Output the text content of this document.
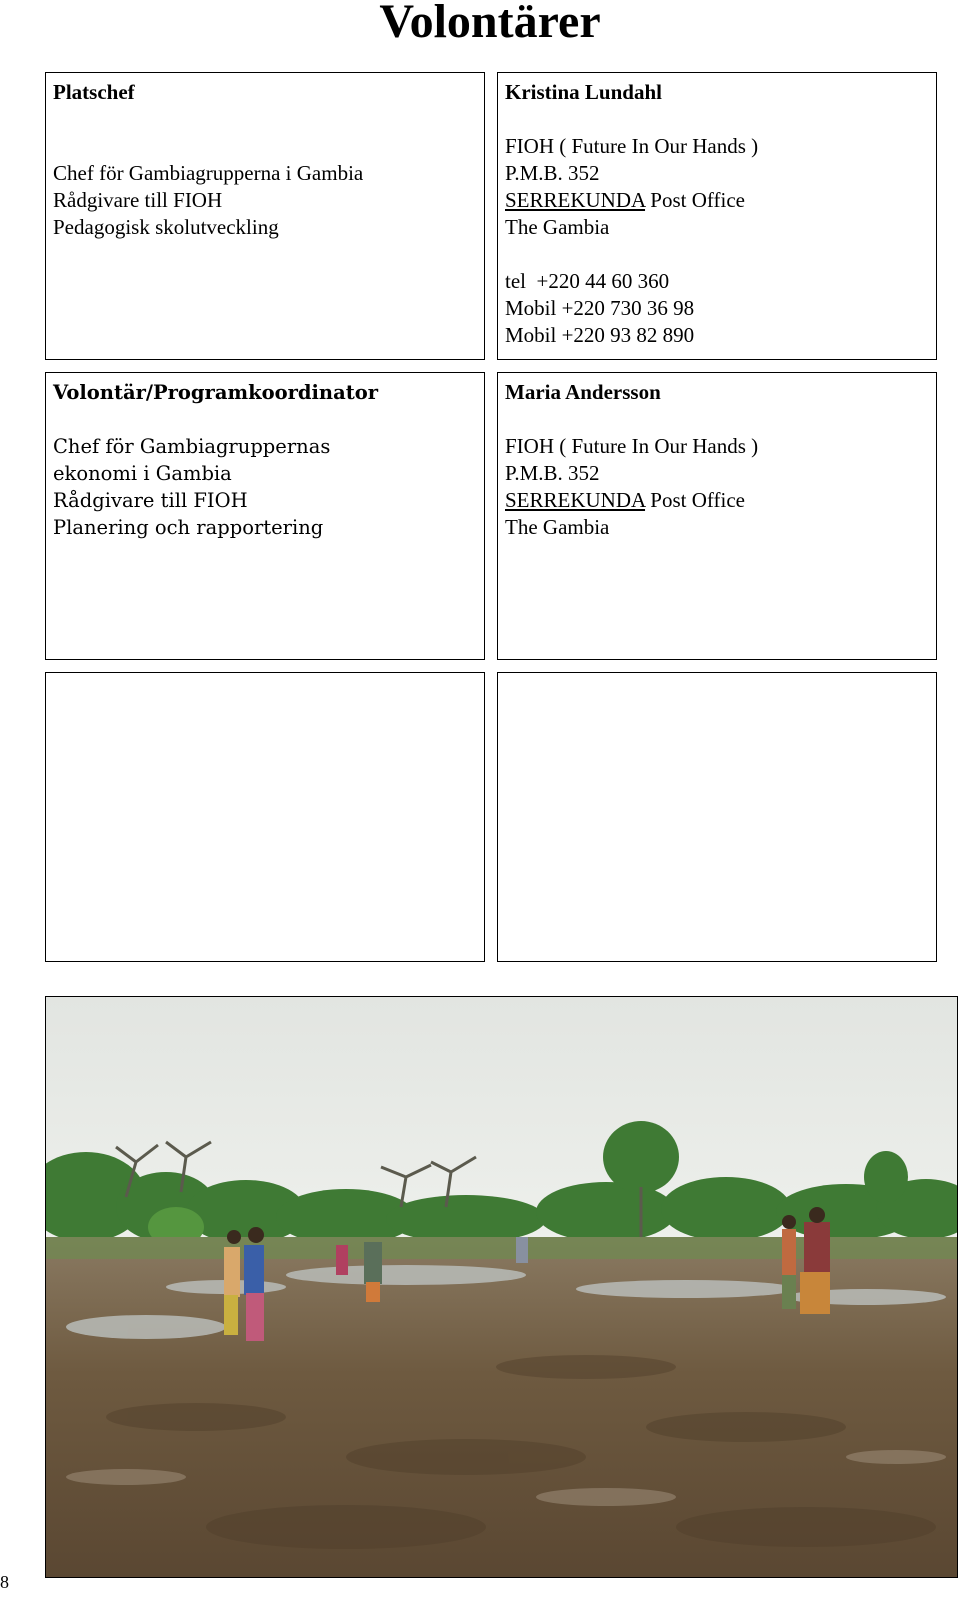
Volontärer
Platschef
Chef för Gambiagrupperna i Gambia
Rådgivare till FIOH
Pedagogisk skolutveckling
Kristina Lundahl
FIOH ( Future In Our Hands )
P.M.B. 352
SERREKUNDA Post Office
The Gambia
tel  +220 44 60 360
Mobil +220 730 36 98
Mobil +220 93 82 890
Volontär/Programkoordinator
Chef för Gambiagruppernas
ekonomi i Gambia
Rådgivare till FIOH
Planering och rapportering
Maria Andersson
FIOH ( Future In Our Hands )
P.M.B. 352
SERREKUNDA Post Office
The Gambia
8
